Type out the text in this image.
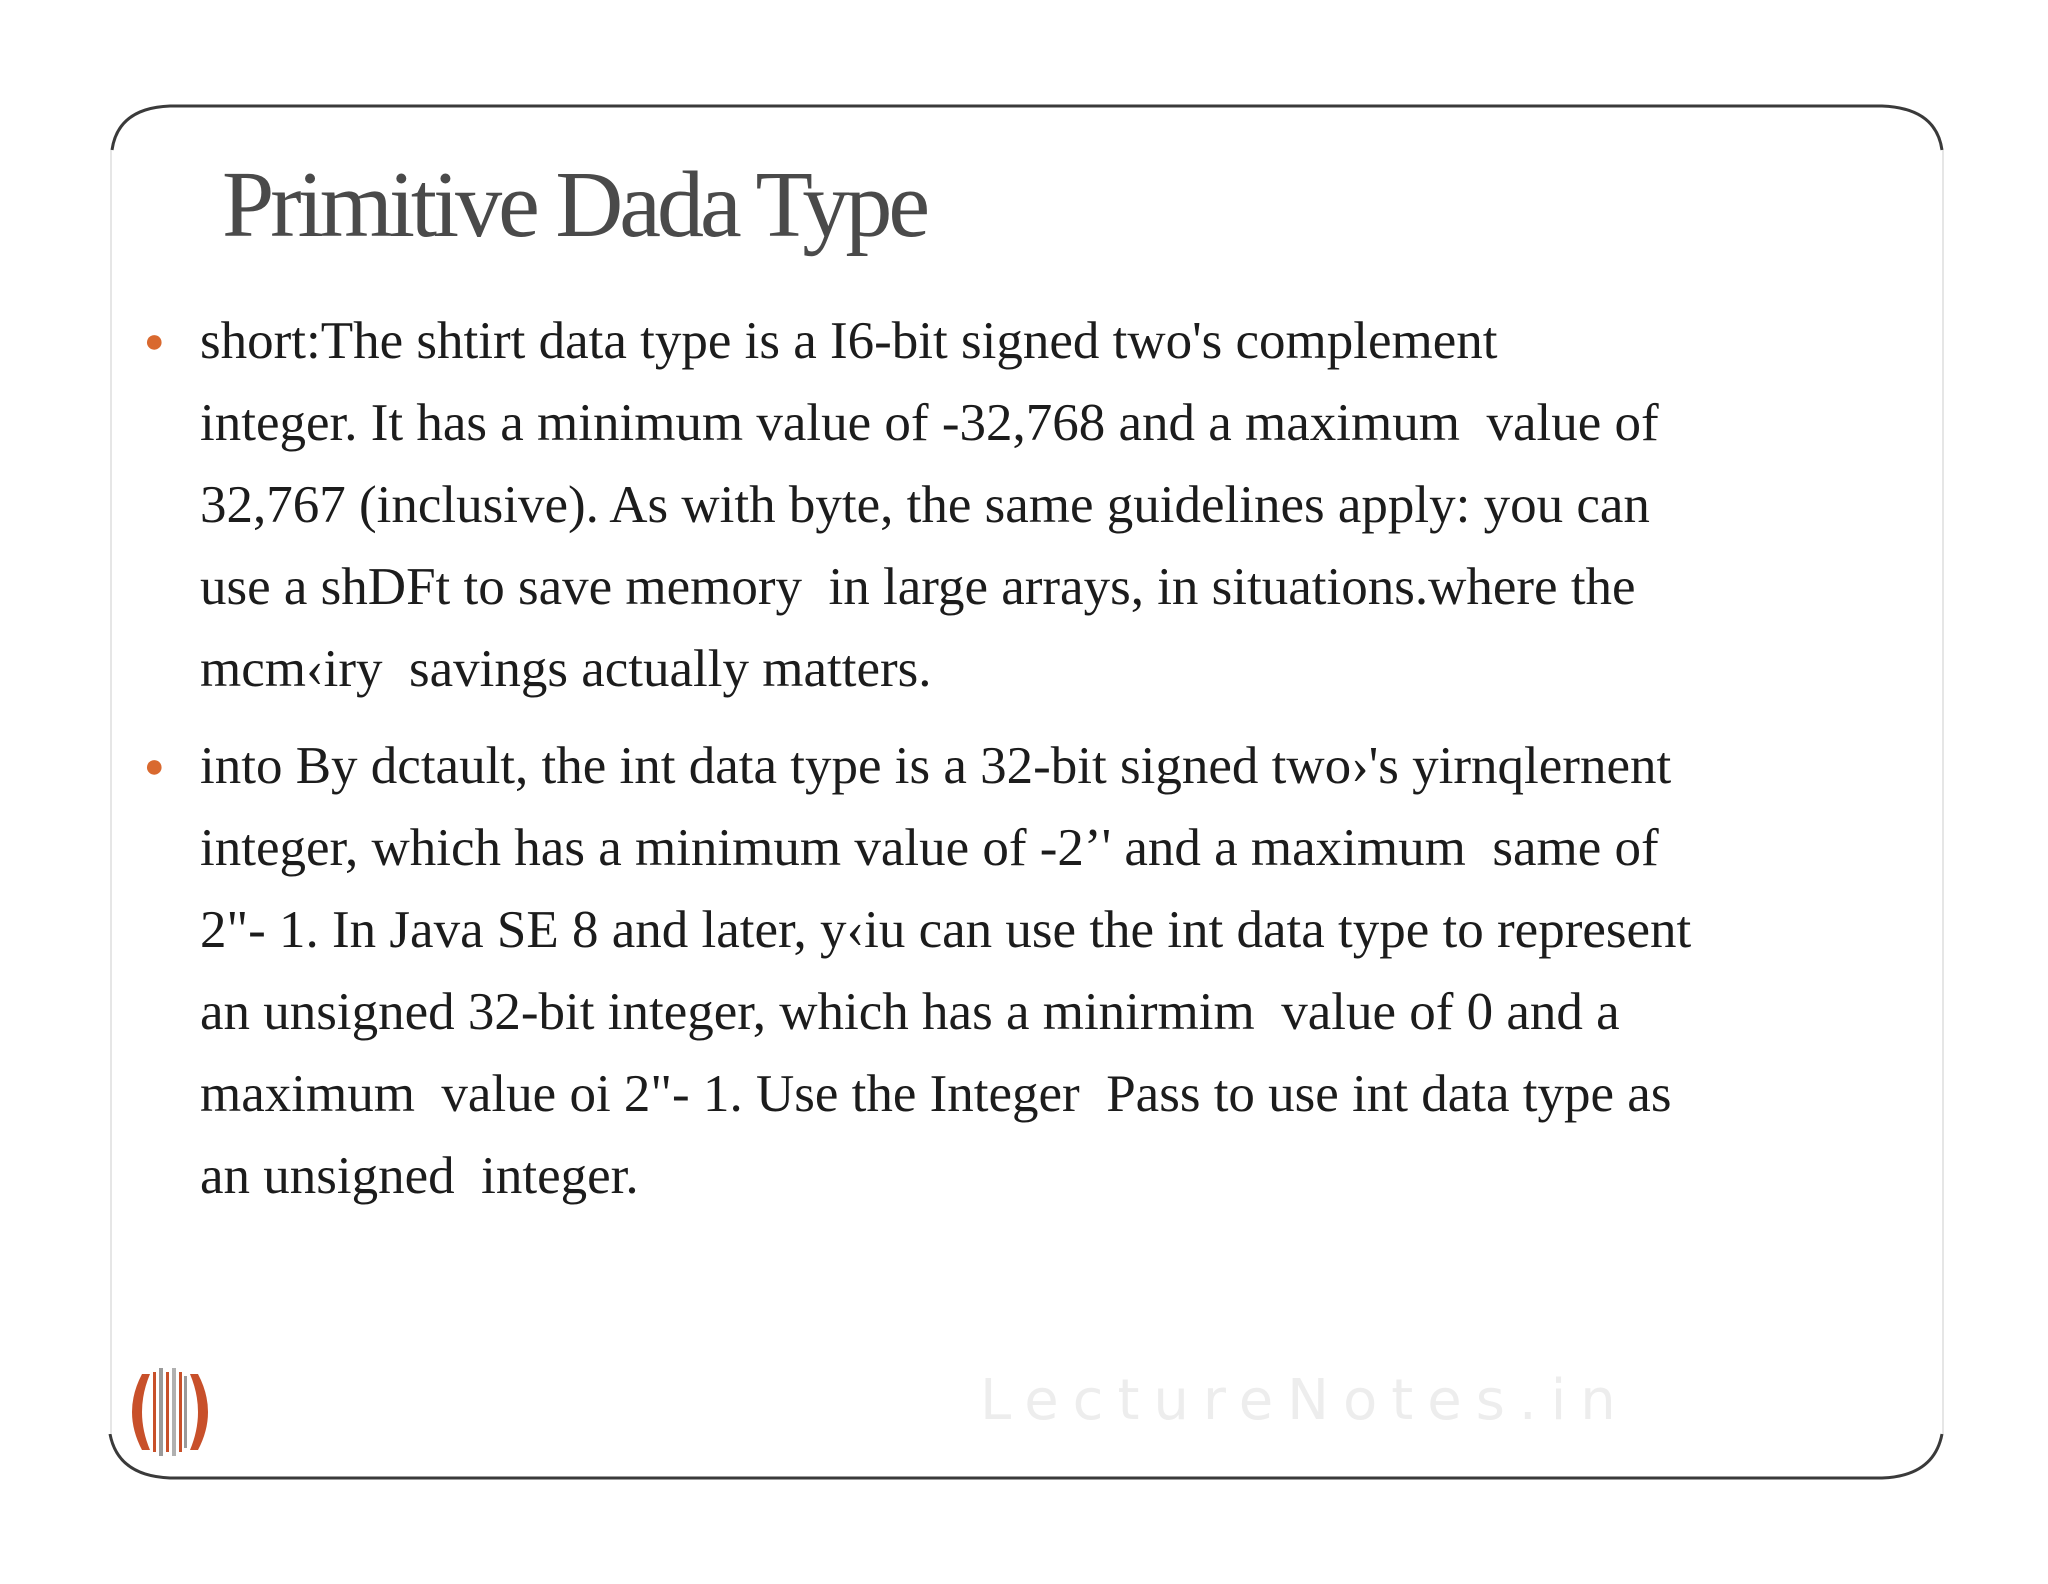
Primitive Dada Type
● short:The shtirt data type is a I6-bit signed two's complement
integer. It has a minimum value of -32,768 and a maximum  value of
32,767 (inclusive). As with byte, the same guidelines apply: you can
use a shDFt to save memory  in large arrays, in situations.where the
mcm‹iry  savings actually matters.
● into By dctault, the int data type is a 32-bit signed two›'s yirnqlernent
integer, which has a minimum value of -2’' and a maximum  same of
2"- 1. In Java SE 8 and later, y‹iu can use the int data type to represent
an unsigned 32-bit integer, which has a minirmim  value of 0 and a
maximum  value oi 2"- 1. Use the Integer  Pass to use int data type as
an unsigned  integer.
LectureNotes.in
